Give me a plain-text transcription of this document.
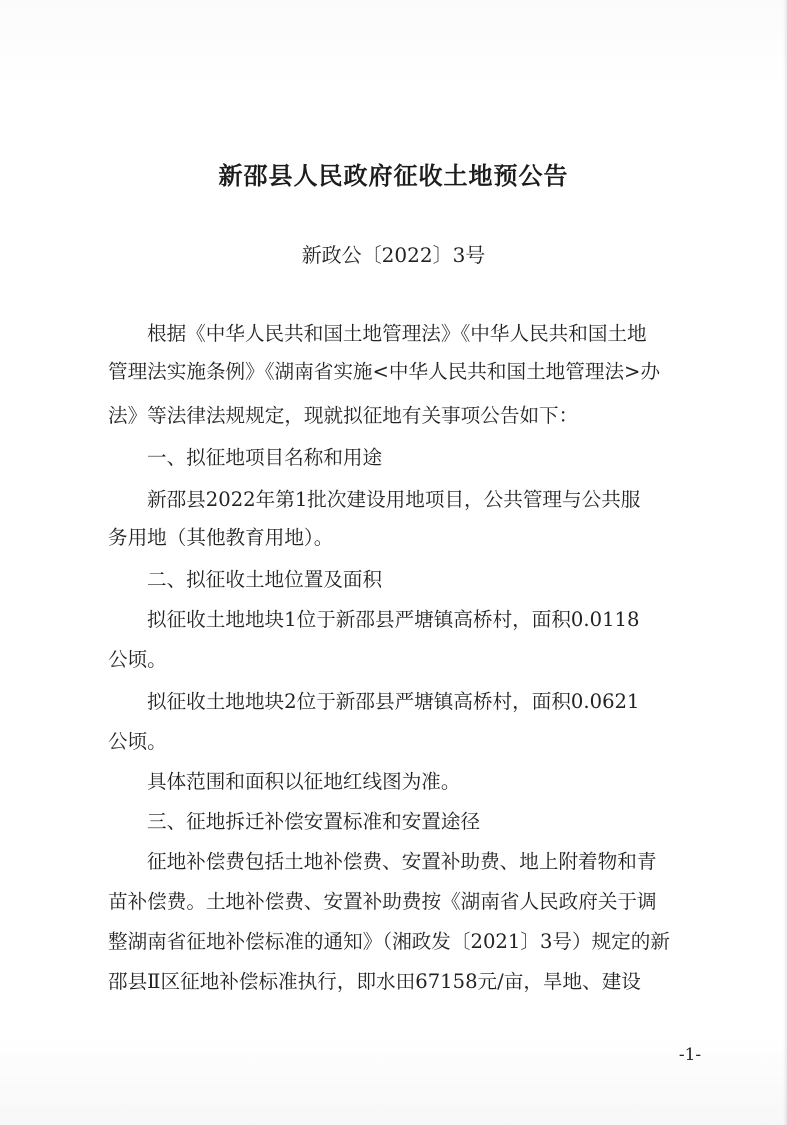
新邵县人民政府征收土地预公告
新政公〔2022〕3号
根据《中华人民共和国土地管理法》《中华人民共和国土地
管理法实施条例》《湖南省实施<中华人民共和国土地管理法>办
法》等法律法规规定，现就拟征地有关事项公告如下：
一、拟征地项目名称和用途
新邵县2022年第1批次建设用地项目，公共管理与公共服
务用地（其他教育用地）。
二、拟征收土地位置及面积
拟征收土地地块1位于新邵县严塘镇高桥村，面积0.0118
公顷。
拟征收土地地块2位于新邵县严塘镇高桥村，面积0.0621
公顷。
具体范围和面积以征地红线图为准。
三、征地拆迁补偿安置标准和安置途径
征地补偿费包括土地补偿费、安置补助费、地上附着物和青
苗补偿费。土地补偿费、安置补助费按《湖南省人民政府关于调
整湖南省征地补偿标准的通知》（湘政发〔2021〕3号）规定的新
邵县Ⅱ区征地补偿标准执行，即水田67158元/亩，旱地、建设
-1-
